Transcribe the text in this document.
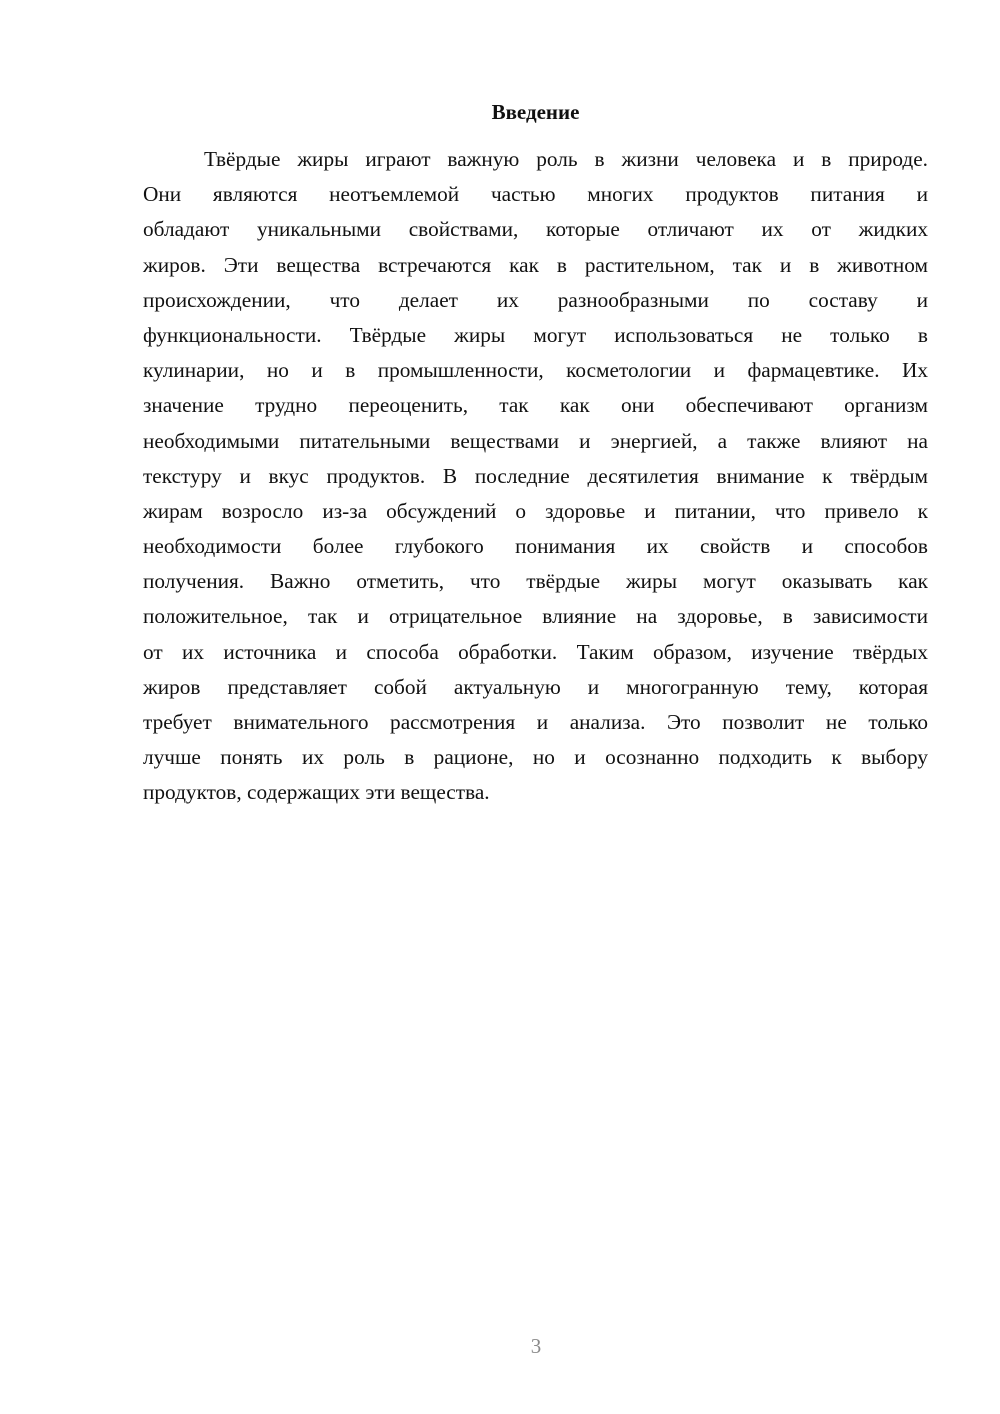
Введение
Твёрдые жиры играют важную роль в жизни человека и в природе.
Они являются неотъемлемой частью многих продуктов питания и
обладают уникальными свойствами, которые отличают их от жидких
жиров. Эти вещества встречаются как в растительном, так и в животном
происхождении, что делает их разнообразными по составу и
функциональности. Твёрдые жиры могут использоваться не только в
кулинарии, но и в промышленности, косметологии и фармацевтике. Их
значение трудно переоценить, так как они обеспечивают организм
необходимыми питательными веществами и энергией, а также влияют на
текстуру и вкус продуктов. В последние десятилетия внимание к твёрдым
жирам возросло из-за обсуждений о здоровье и питании, что привело к
необходимости более глубокого понимания их свойств и способов
получения. Важно отметить, что твёрдые жиры могут оказывать как
положительное, так и отрицательное влияние на здоровье, в зависимости
от их источника и способа обработки. Таким образом, изучение твёрдых
жиров представляет собой актуальную и многогранную тему, которая
требует внимательного рассмотрения и анализа. Это позволит не только
лучше понять их роль в рационе, но и осознанно подходить к выбору
продуктов, содержащих эти вещества.
3
